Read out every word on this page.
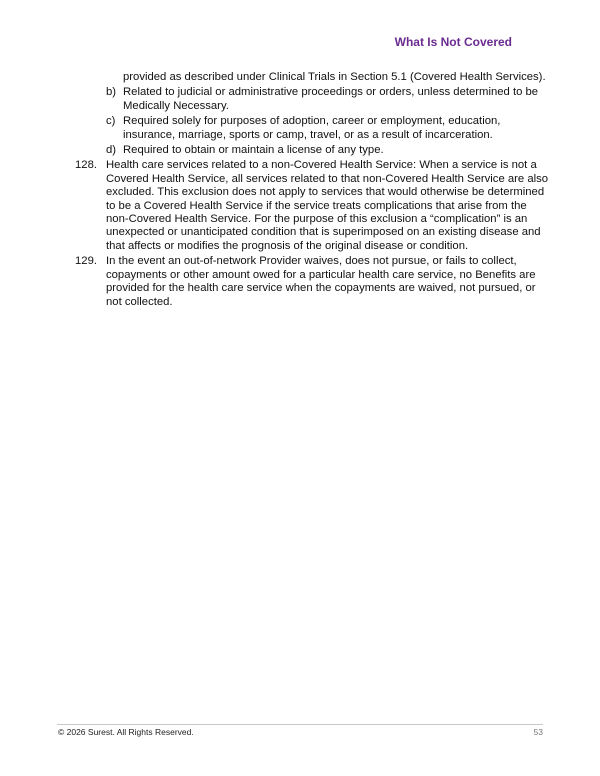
What Is Not Covered

provided as described under Clinical Trials in Section 5.1 (Covered Health Services).

b) Related to judicial or administrative proceedings or orders, unless determined to be Medically Necessary.
c) Required solely for purposes of adoption, career or employment, education, insurance, marriage, sports or camp, travel, or as a result of incarceration.
d) Required to obtain or maintain a license of any type.
128. Health care services related to a non-Covered Health Service: When a service is not a Covered Health Service, all services related to that non-Covered Health Service are also excluded. This exclusion does not apply to services that would otherwise be determined to be a Covered Health Service if the service treats complications that arise from the non-Covered Health Service. For the purpose of this exclusion a “complication” is an unexpected or unanticipated condition that is superimposed on an existing disease and that affects or modifies the prognosis of the original disease or condition.
129. In the event an out-of-network Provider waives, does not pursue, or fails to collect, copayments or other amount owed for a particular health care service, no Benefits are provided for the health care service when the copayments are waived, not pursued, or not collected.
© 2026 Surest. All Rights Reserved.	53
